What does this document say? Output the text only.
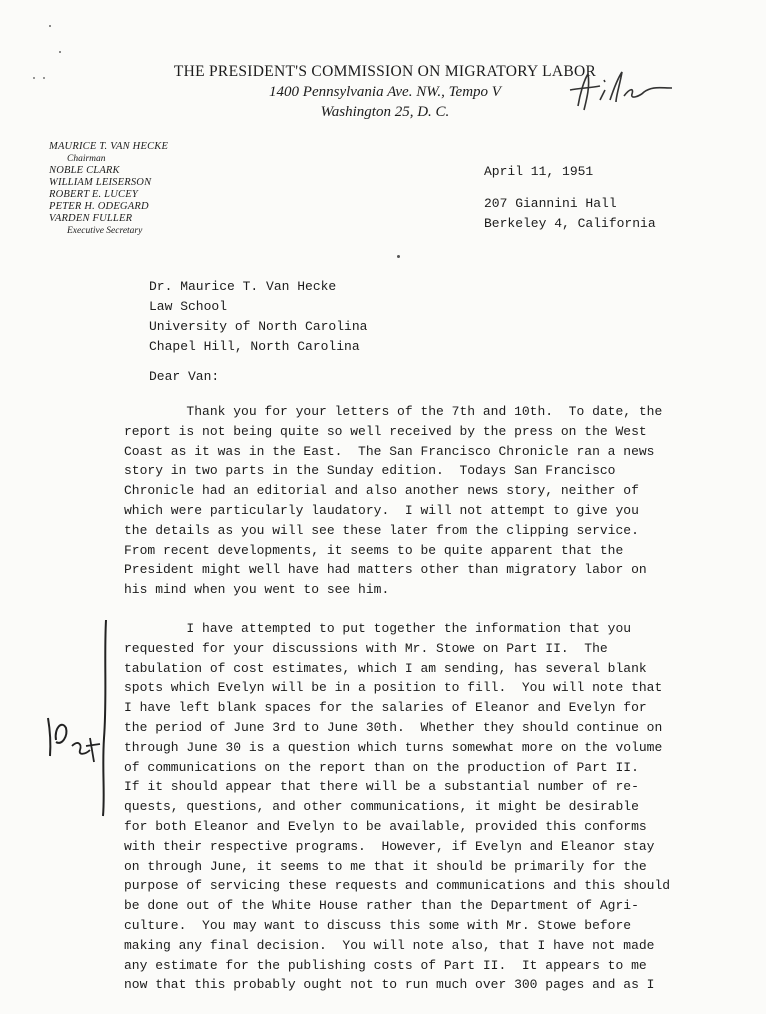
THE PRESIDENT'S COMMISSION ON MIGRATORY LABOR
1400 Pennsylvania Ave. NW., Tempo V
Washington 25, D. C.
MAURICE T. VAN HECKE
Chairman
NOBLE CLARK
WILLIAM LEISERSON
ROBERT E. LUCEY
PETER H. ODEGARD
VARDEN FULLER
Executive Secretary
April 11, 1951
207 Giannini Hall
Berkeley 4, California
Dr. Maurice T. Van Hecke
Law School
University of North Carolina
Chapel Hill, North Carolina
Dear Van:
Thank you for your letters of the 7th and 10th.  To date, the
report is not being quite so well received by the press on the West
Coast as it was in the East.  The San Francisco Chronicle ran a news
story in two parts in the Sunday edition.  Todays San Francisco
Chronicle had an editorial and also another news story, neither of
which were particularly laudatory.  I will not attempt to give you
the details as you will see these later from the clipping service.
From recent developments, it seems to be quite apparent that the
President might well have had matters other than migratory labor on
his mind when you went to see him.
I have attempted to put together the information that you
requested for your discussions with Mr. Stowe on Part II.  The
tabulation of cost estimates, which I am sending, has several blank
spots which Evelyn will be in a position to fill.  You will note that
I have left blank spaces for the salaries of Eleanor and Evelyn for
the period of June 3rd to June 30th.  Whether they should continue on
through June 30 is a question which turns somewhat more on the volume
of communications on the report than on the production of Part II.
If it should appear that there will be a substantial number of re-
quests, questions, and other communications, it might be desirable
for both Eleanor and Evelyn to be available, provided this conforms
with their respective programs.  However, if Evelyn and Eleanor stay
on through June, it seems to me that it should be primarily for the
purpose of servicing these requests and communications and this should
be done out of the White House rather than the Department of Agri-
culture.  You may want to discuss this some with Mr. Stowe before
making any final decision.  You will note also, that I have not made
any estimate for the publishing costs of Part II.  It appears to me
now that this probably ought not to run much over 300 pages and as I
